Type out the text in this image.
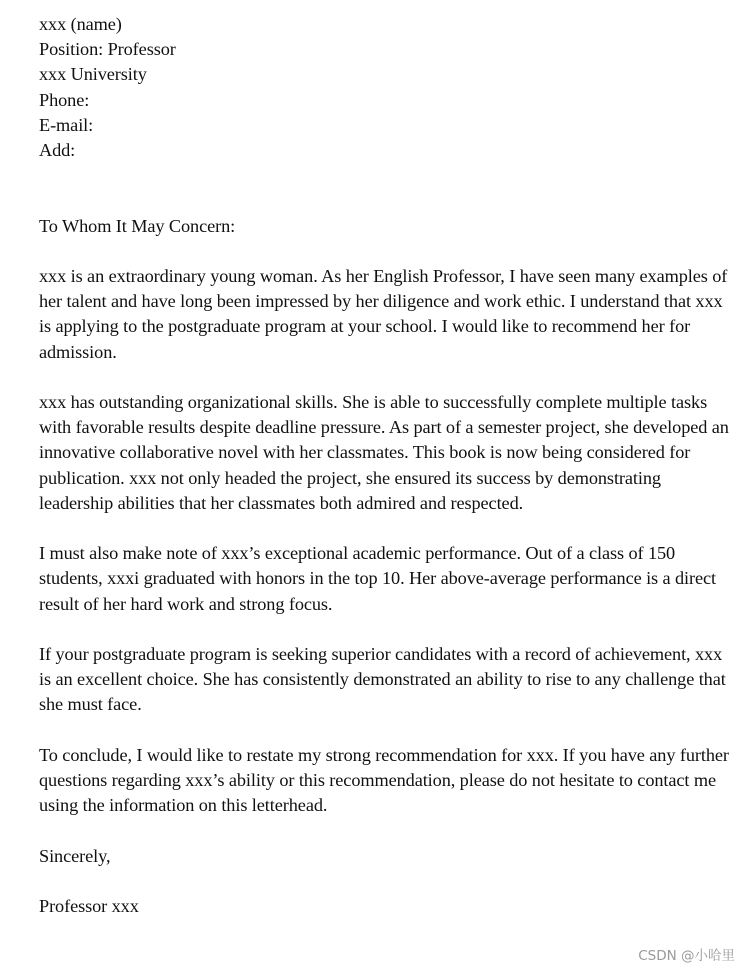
xxx (name)

Position: Professor

xxx University

Phone:

E-mail:

Add:

To Whom It May Concern:

xxx is an extraordinary young woman. As her English Professor, I have seen many examples of her talent and have long been impressed by her diligence and work ethic. I understand that xxx is applying to the postgraduate program at your school. I would like to recommend her for admission.

xxx has outstanding organizational skills. She is able to successfully complete multiple tasks with favorable results despite deadline pressure. As part of a semester project, she developed an innovative collaborative novel with her classmates. This book is now being considered for publication. xxx not only headed the project, she ensured its success by demonstrating leadership abilities that her classmates both admired and respected.

I must also make note of xxx’s exceptional academic performance. Out of a class of 150 students, xxxi graduated with honors in the top 10. Her above-average performance is a direct result of her hard work and strong focus.

If your postgraduate program is seeking superior candidates with a record of achievement, xxx is an excellent choice. She has consistently demonstrated an ability to rise to any challenge that she must face.

To conclude, I would like to restate my strong recommendation for xxx. If you have any further questions regarding xxx’s ability or this recommendation, please do not hesitate to contact me using the information on this letterhead.

Sincerely,

Professor xxx

CSDN @小哈里
